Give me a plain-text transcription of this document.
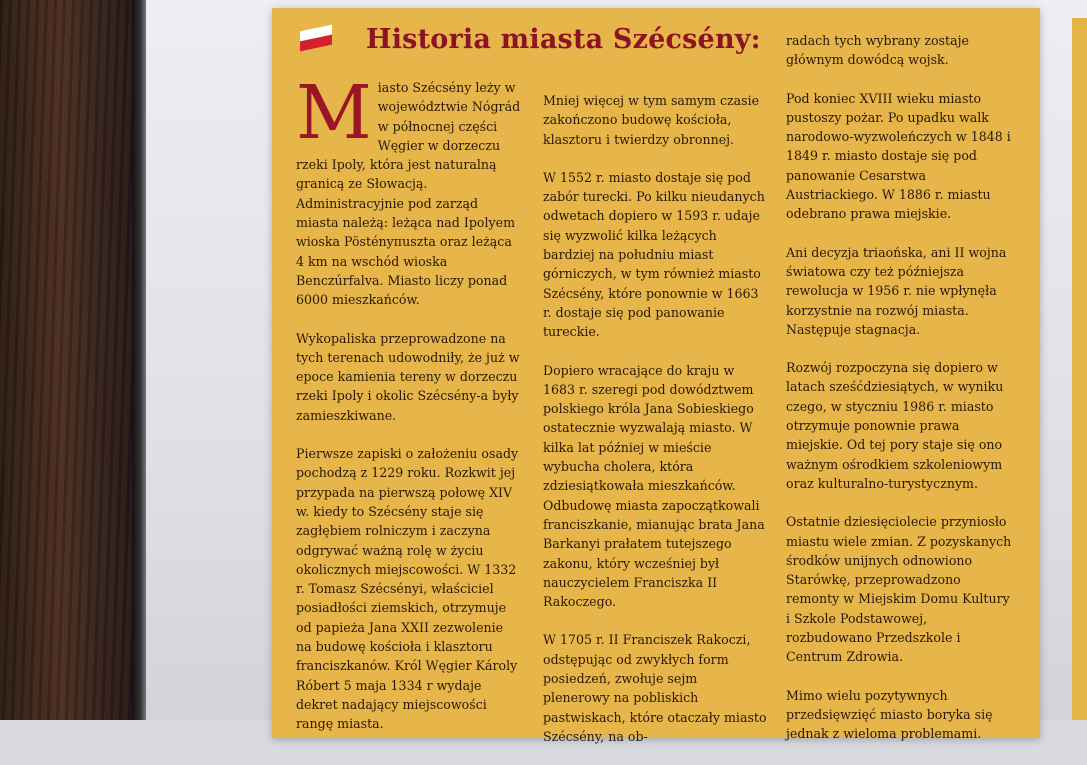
Historia miasta Szécsény:

M iasto Szécsény leży w województwie Nógrád w północnej części Węgier w dorzeczu rzeki Ipoly, która jest naturalną granicą ze Słowacją. Administracyjnie pod zarząd miasta należą: leżąca nad Ipolyem wioska Pöstényпuszta oraz leżąca 4 km na wschód wioska Benczúrfalva. Miasto liczy ponad 6000 mieszkańców.

Wykopaliska przeprowadzone na tych terenach udowodniły, że już w epoce kamienia tereny w dorzeczu rzeki Ipoly i okolic Szécsény-a były zamieszkiwane.

Pierwsze zapiski o założeniu osady pochodzą z 1229 roku. Rozkwit jej przypada na pierwszą połowę XIV w. kiedy to Szécsény staje się zagłębiem rolniczym i zaczyna odgrywać ważną rolę w życiu okolicznych miejscowości. W 1332 r. Tomasz Szécsényi, właściciel posiadłości ziemskich, otrzymuje od papieża Jana XXII zezwolenie na budowę kościoła i klasztoru franciszkanów. Król Węgier Károly Róbert 5 maja 1334 r wydaje dekret nadający miejscowości rangę miasta.

Mniej więcej w tym samym czasie zakończono budowę kościoła, klasztoru i twierdzy obronnej.

W 1552 r. miasto dostaje się pod zabór turecki. Po kilku nieudanych odwetach dopiero w 1593 r. udaje się wyzwolić kilka leżących bardziej na południu miast górniczych, w tym również miasto Szécsény, które ponownie w 1663 r. dostaje się pod panowanie tureckie.

Dopiero wracające do kraju w 1683 r. szeregi pod dowództwem polskiego króla Jana Sobieskiego ostatecznie wyzwalają miasto. W kilka lat później w mieście wybucha cholera, która zdziesiątkowała mieszkańców. Odbudowę miasta zapoczątkowali franciszkanie, mianując brata Jana Barkanyi prałatem tutejszego zakonu, który wcześniej był nauczycielem Franciszka II Rakoczego.

W 1705 r. II Franciszek Rakoczi, odstępując od zwykłych form posiedzeń, zwołuje sejm plenerowy na pobliskich pastwiskach, które otaczały miasto Szécsény, na ob-

radach tych wybrany zostaje głównym dowódcą wojsk.

Pod koniec XVIII wieku miasto pustoszy pożar. Po upadku walk narodowo-wyzwoleńczych w 1848 i 1849 r. miasto dostaje się pod panowanie Cesarstwa Austriackiego. W 1886 r. miastu odebrano prawa miejskie.

Ani decyzja triaońska, ani II wojna światowa czy też późniejsza rewolucja w 1956 r. nie wpłynęła korzystnie na rozwój miasta. Następuje stagnacja.

Rozwój rozpoczyna się dopiero w latach sześćdziesiątych, w wyniku czego, w styczniu 1986 r. miasto otrzymuje ponownie prawa miejskie. Od tej pory staje się ono ważnym ośrodkiem szkoleniowym oraz kulturalno-turystycznym.

Ostatnie dziesięciolecie przyniosło miastu wiele zmian. Z pozyskanych środków unijnych odnowiono Starówkę, przeprowadzono remonty w Miejskim Domu Kultury i Szkole Podstawowej, rozbudowano Przedszkole i Centrum Zdrowia.

Mimo wielu pozytywnych przedsięwzięć miasto boryka się jednak z wieloma problemami.
